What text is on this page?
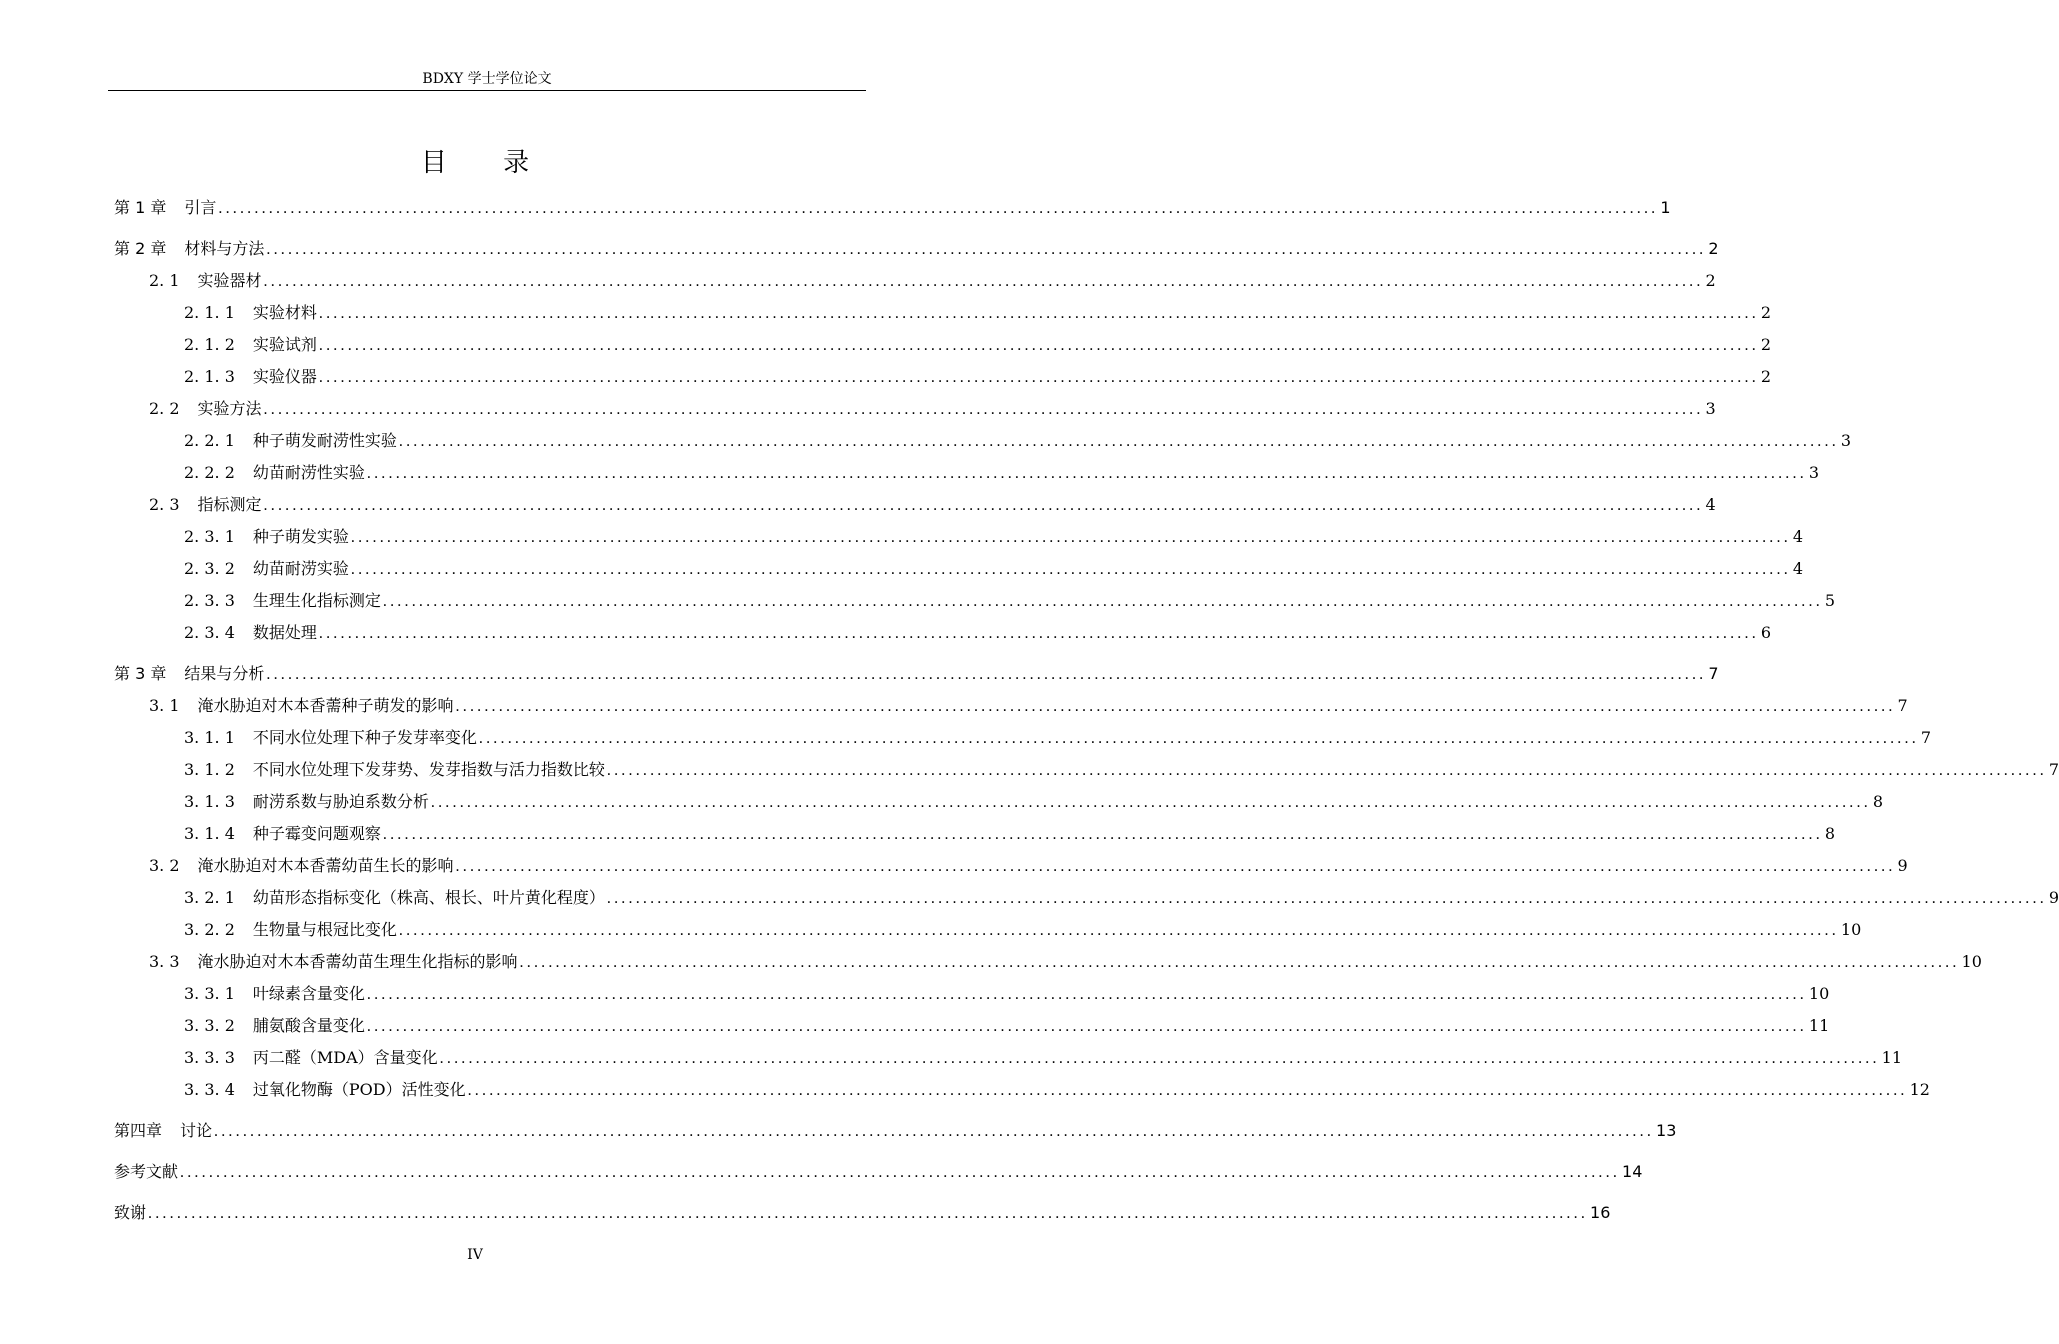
BDXY 学士学位论文
目 录
第 1 章 引言 ........................................................................................................................................................................................................ 1
第 2 章 材料与方法 ........................................................................................................................................................................................................ 2
2. 1 实验器材 ........................................................................................................................................................................................................ 2
2. 1. 1 实验材料 ........................................................................................................................................................................................................ 2
2. 1. 2 实验试剂 ........................................................................................................................................................................................................ 2
2. 1. 3 实验仪器 ........................................................................................................................................................................................................ 2
2. 2 实验方法 ........................................................................................................................................................................................................ 3
2. 2. 1 种子萌发耐涝性实验 ........................................................................................................................................................................................................ 3
2. 2. 2 幼苗耐涝性实验 ........................................................................................................................................................................................................ 3
2. 3 指标测定 ........................................................................................................................................................................................................ 4
2. 3. 1 种子萌发实验 ........................................................................................................................................................................................................ 4
2. 3. 2 幼苗耐涝实验 ........................................................................................................................................................................................................ 4
2. 3. 3 生理生化指标测定 ........................................................................................................................................................................................................ 5
2. 3. 4 数据处理 ........................................................................................................................................................................................................ 6
第 3 章 结果与分析 ........................................................................................................................................................................................................ 7
3. 1 淹水胁迫对木本香薷种子萌发的影响 ........................................................................................................................................................................................................ 7
3. 1. 1 不同水位处理下种子发芽率变化 ........................................................................................................................................................................................................ 7
3. 1. 2 不同水位处理下发芽势、发芽指数与活力指数比较 ........................................................................................................................................................................................................ 7
3. 1. 3 耐涝系数与胁迫系数分析 ........................................................................................................................................................................................................ 8
3. 1. 4 种子霉变问题观察 ........................................................................................................................................................................................................ 8
3. 2 淹水胁迫对木本香薷幼苗生长的影响 ........................................................................................................................................................................................................ 9
3. 2. 1 幼苗形态指标变化（株高、根长、叶片黄化程度） ........................................................................................................................................................................................................ 9
3. 2. 2 生物量与根冠比变化 ........................................................................................................................................................................................................ 10
3. 3 淹水胁迫对木本香薷幼苗生理生化指标的影响 ........................................................................................................................................................................................................ 10
3. 3. 1 叶绿素含量变化 ........................................................................................................................................................................................................ 10
3. 3. 2 脯氨酸含量变化 ........................................................................................................................................................................................................ 11
3. 3. 3 丙二醛（MDA）含量变化 ........................................................................................................................................................................................................ 11
3. 3. 4 过氧化物酶（POD）活性变化 ........................................................................................................................................................................................................ 12
第四章 讨论 ........................................................................................................................................................................................................ 13
参考文献 ........................................................................................................................................................................................................ 14
致谢 ........................................................................................................................................................................................................ 16
IV
